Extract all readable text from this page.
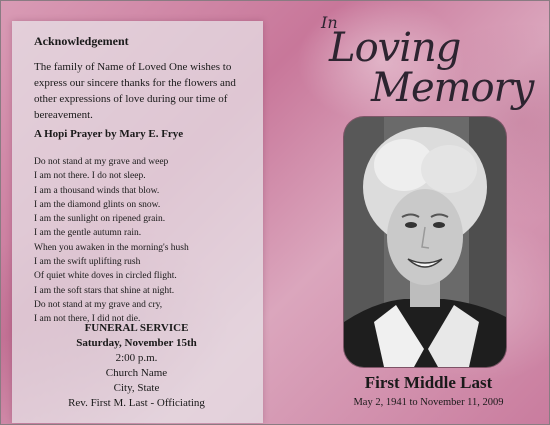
Acknowledgement
The family of Name of Loved One wishes to express our sincere thanks for the flowers and other expressions of love during our time of bereavement.
A Hopi Prayer by Mary E. Frye
Do not stand at my grave and weep
I am not there. I do not sleep.
I am a thousand winds that blow.
I am the diamond glints on snow.
I am the sunlight on ripened grain.
I am the gentle autumn rain.
When you awaken in the morning's hush
I am the swift uplifting rush
Of quiet white doves in circled flight.
I am the soft stars that shine at night.
Do not stand at my grave and cry,
I am not there, I did not die.
FUNERAL SERVICE
Saturday, November 15th
2:00 p.m.
Church Name
City, State
Rev. First M. Last - Officiating
In
Loving
Memory
First Middle Last
May 2, 1941 to November 11, 2009
